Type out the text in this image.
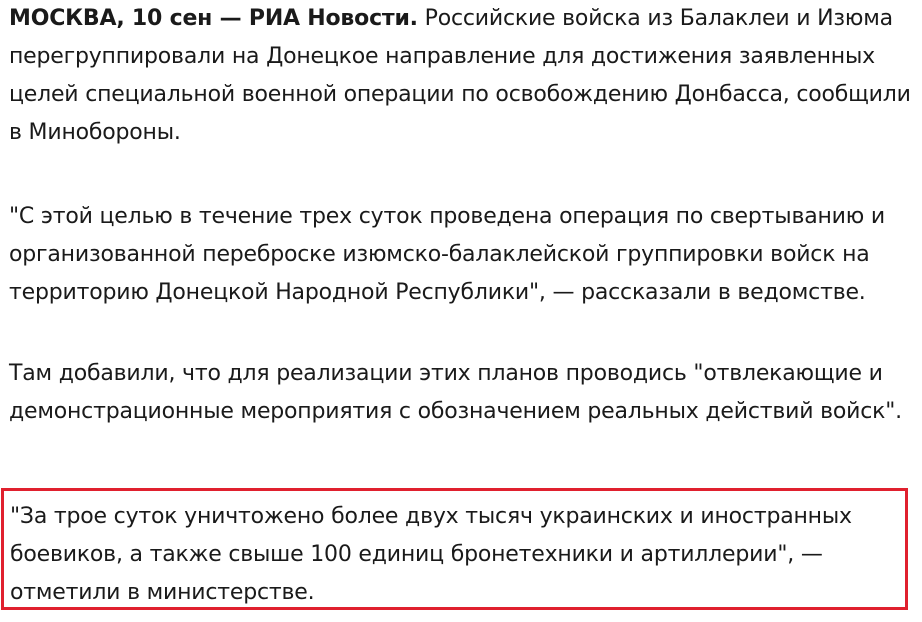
МОСКВА, 10 сен — РИА Новости. Российские войска из Балаклеи и Изюма перегруппировали на Донецкое направление для достижения заявленных целей специальной военной операции по освобождению Донбасса, сообщили в Минобороны.

"С этой целью в течение трех суток проведена операция по свертыванию и организованной переброске изюмско-балаклейской группировки войск на территорию Донецкой Народной Республики", — рассказали в ведомстве.

Там добавили, что для реализации этих планов проводись "отвлекающие и демонстрационные мероприятия с обозначением реальных действий войск".

"За трое суток уничтожено более двух тысяч украинских и иностранных боевиков, а также свыше 100 единиц бронетехники и артиллерии", — отметили в министерстве.
